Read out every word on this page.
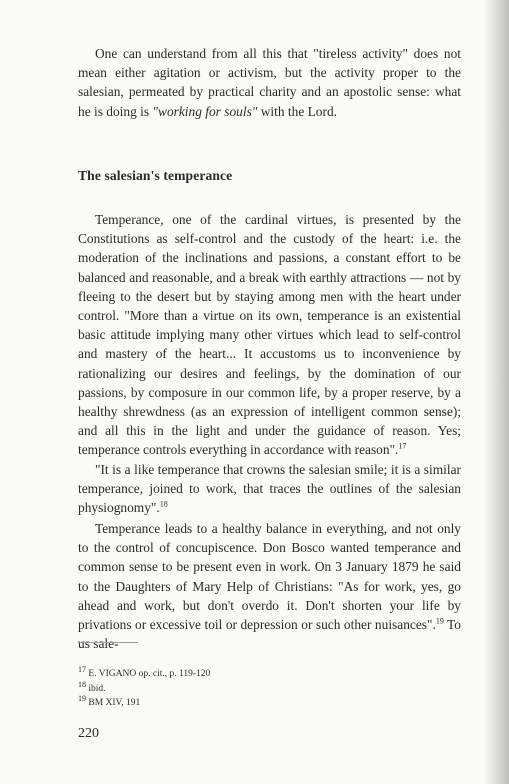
One can understand from all this that "tireless activity" does not mean either agitation or activism, but the activity proper to the salesian, permeated by practical charity and an apostolic sense: what he is doing is "working for souls" with the Lord.

The salesian's temperance

Temperance, one of the cardinal virtues, is presented by the Constitutions as self-control and the custody of the heart: i.e. the moderation of the inclinations and passions, a constant effort to be balanced and reasonable, and a break with earthly attractions — not by fleeing to the desert but by staying among men with the heart under control. "More than a virtue on its own, temperance is an existential basic attitude implying many other virtues which lead to self-control and mastery of the heart... It accustoms us to inconvenience by rationalizing our desires and feelings, by the domination of our passions, by composure in our common life, by a proper reserve, by a healthy shrewdness (as an expression of intelligent common sense); and all this in the light and under the guidance of reason. Yes; temperance controls everything in accordance with reason".$^{17}$

"It is a like temperance that crowns the salesian smile; it is a similar temperance, joined to work, that traces the outlines of the salesian physiognomy".$^{18}$

Temperance leads to a healthy balance in everything, and not only to the control of concupiscence. Don Bosco wanted temperance and common sense to be present even in work. On 3 January 1879 he said to the Daughters of Mary Help of Christians: "As for work, yes, go ahead and work, but don't overdo it. Don't shorten your life by privations or excessive toil or depression or such other nuisances".$^{19}$ To us sale-

$^{17}$ E. VIGANO op. cit., p. 119-120
$^{18}$ ibid.
$^{19}$ BM XIV, 191
220
